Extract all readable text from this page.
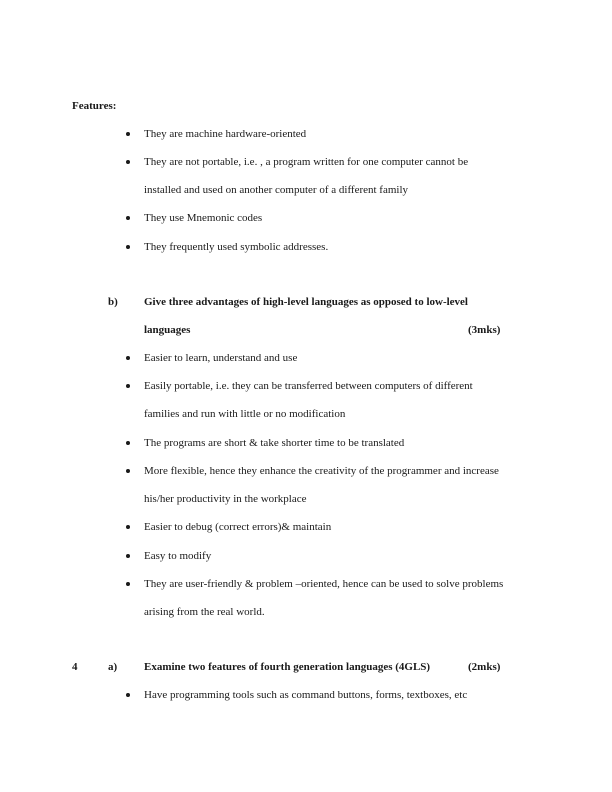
Features:
They are machine hardware-oriented
They are not portable, i.e. , a program written for one computer cannot be
installed and used on another computer of a different family
They use Mnemonic codes
They frequently used symbolic addresses.
b) Give three advantages of high-level languages as opposed to low-level
languages	(3mks)
Easier to learn, understand and use
Easily portable, i.e. they can be transferred between computers of different
families and run with little or no modification
The programs are short & take shorter time to be translated
More flexible, hence they enhance the creativity of the programmer and increase
his/her productivity in the workplace
Easier to debug (correct errors)& maintain
Easy to modify
They are user-friendly & problem –oriented, hence can be used to solve problems
arising from the real world.
4	a) Examine two features of fourth generation languages (4GLS)	(2mks)
Have programming tools such as command buttons, forms, textboxes, etc
